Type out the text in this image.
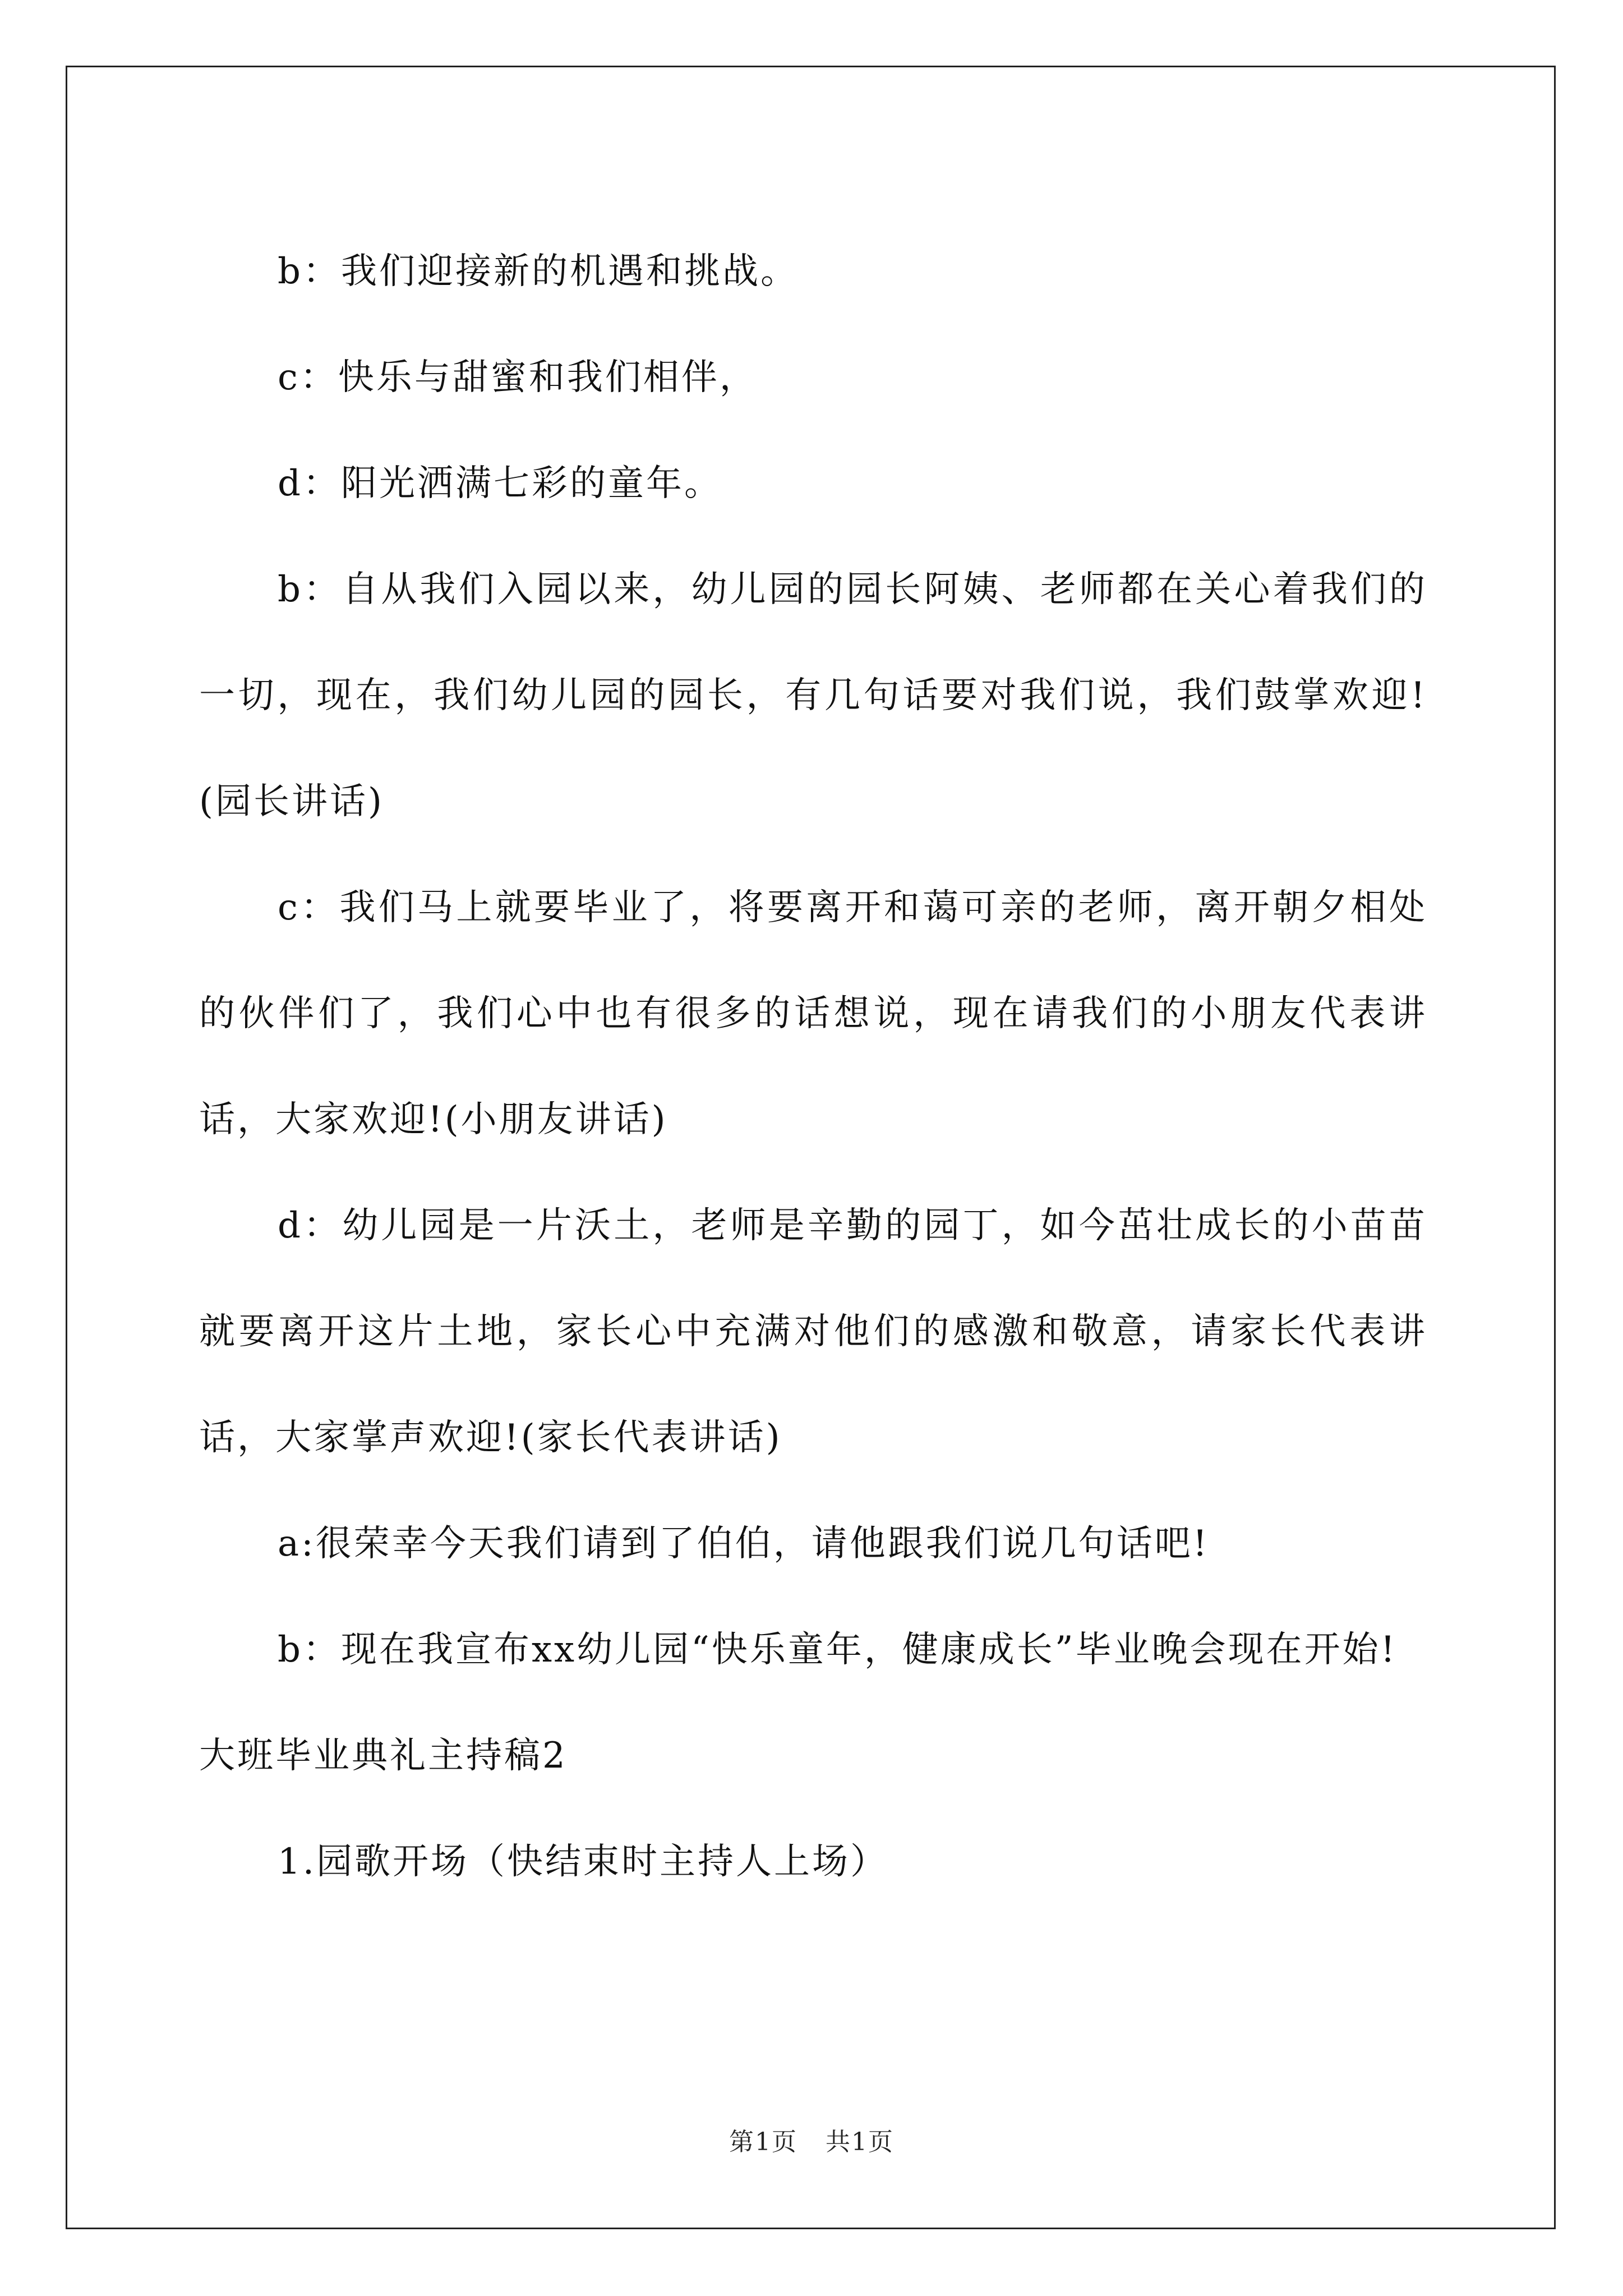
b：我们迎接新的机遇和挑战。

c：快乐与甜蜜和我们相伴，

d：阳光洒满七彩的童年。

b：自从我们入园以来，幼儿园的园长阿姨、老师都在关心着我们的一切，现在，我们幼儿园的园长，有几句话要对我们说，我们鼓掌欢迎!(园长讲话)

c：我们马上就要毕业了，将要离开和蔼可亲的老师，离开朝夕相处的伙伴们了，我们心中也有很多的话想说，现在请我们的小朋友代表讲话，大家欢迎!(小朋友讲话)

d：幼儿园是一片沃土，老师是辛勤的园丁，如今茁壮成长的小苗苗就要离开这片土地，家长心中充满对他们的感激和敬意，请家长代表讲话，大家掌声欢迎!(家长代表讲话)

a:很荣幸今天我们请到了伯伯，请他跟我们说几句话吧!

b：现在我宣布xx幼儿园“快乐童年，健康成长”毕业晚会现在开始!

大班毕业典礼主持稿2

1.园歌开场（快结束时主持人上场）

第1页 共1页
